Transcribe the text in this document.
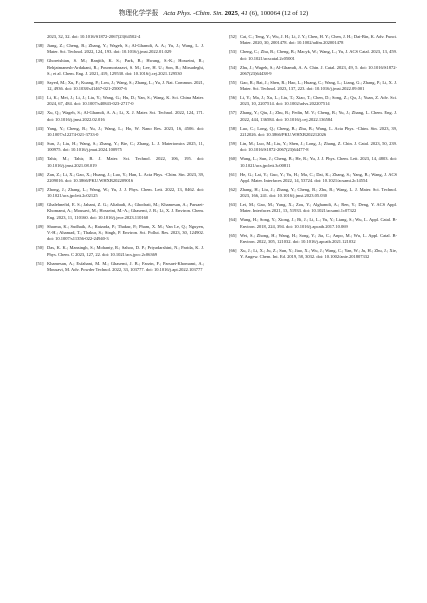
物理化学学报 Acta Phys. -Chim. Sin. 2025, 41 (6), 100064 (12 of 12)
2023, 32, 32. doi: 10.1016/S1872-2067(23)64502-4
[38] Jiang, Z.; Cheng, B.; Zhang, Y.; Wageh, S.; Al-Ghamdi, A. A.; Yu, J.; Wang, L. J. Mater. Sci. Technol. 2022, 124, 193. doi: 10.1016/j.jmst.2022.01.029
[39] Ghoreishian, S. M.; Ranjith, K. S.; Park, B.; Hwang, S.-K.; Hosseini, R.; Behjatmanesh-Ardakani, R.; Pourmortazavi, S. M.; Lee, H. U.; Son, B.; Mirsadeghi, S.; et al. Chem. Eng. J. 2021, 419, 129530. doi: 10.1016/j.cej.2021.129530
[40] Sayed, M.; Xu, F.; Kuang, P.; Low, J.; Wang, S.; Zhang, L.; Yu, J. Nat. Commun. 2021, 12, 4936. doi: 10.1038/s41467-021-25007-6
[41] Li, K.; Mei, J.; Li, J.; Liu, Y.; Wang, G.; Hu, D.; Yan, S.; Wang, K. Sci. China Mater. 2024, 67, 484. doi: 10.1007/s40843-023-2717-0
[42] Xu, Q.; Wageh, S.; Al-Ghamdi, A. A.; Li, X. J. Mater. Sci. Technol. 2022, 124, 171. doi: 10.1016/j.jmst.2022.02.016
[43] Yang, Y.; Cheng, B.; Yu, J.; Wang, L.; Ho, W. Nano Res. 2023, 16, 4506. doi: 10.1007/s12274-021-3733-0
[44] Sun, J.; Liu, H.; Wang, S.; Zhang, Y.; Bie, C.; Zhang, L. J. Materiomics 2025, 11, 100975. doi: 10.1016/j.jmat.2024.100975
[45] Tahir, M.; Tahir, B. J. Mater. Sci. Technol. 2022, 106, 195. doi: 10.1016/j.jmst.2021.08.019
[46] Zan, Z.; Li, X.; Gao, X.; Huang, J.; Luo, Y.; Han, L. Acta Phys. -Chim. Sin. 2023, 39, 2209016. doi: 10.3866/PKU.WHXB202209016
[47] Zhong, J.; Zhang, L.; Wang, W.; Yu, J. J. Phys. Chem. Lett. 2022, 13, 8462. doi: 10.1021/acs.jpclett.2c02125
[48] Ghalehnefid, E. S.; Jahani, Z. G.; Aliabadi, A.; Ghodrati, M.; Khamesan, A.; Parsaei-Khomami, A.; Mousavi, M.; Hosseini, M.-A.; Ghasemi, J. B.; Li, X. J. Environ. Chem. Eng. 2023, 11, 110160. doi: 10.1016/j.jece.2023.110160
[49] Sharma, K.; Sudhaik, A.; Raizada, P.; Thakur, P.; Pham, X. M.; Van Le, Q.; Nguyen, V.-H.; Ahamad, T.; Thakur, S.; Singh, P. Environ. Sci. Pollut. Res. 2023, 30, 124902. doi: 10.1007/s11356-022-24940-3
[50] Das, K. K.; Mansingh, S.; Mohanty, R.; Sahoo, D. P.; Priyadarshini, N.; Parida, K. J. Phys. Chem. C 2023, 127, 22. doi: 10.1021/acs.jpcc.2c06369
[51] Khamesan, A.; Esfahani, M. M.; Ghasemi, J. B.; Farzin, F.; Parsaei-Khomami, A.; Mousavi, M. Adv. Powder Technol. 2022, 33, 103777. doi: 10.1016/j.apt.2022.103777
[52] Cai, C.; Teng, Y.; Wu, J. H.; Li, J. Y.; Chen, H. Y.; Chen, J. H.; Dai-Bin, K. Adv. Funct. Mater. 2020, 30, 2001478. doi: 10.1002/adfm.202001478
[53] Cheng, C.; Zhu, B.; Cheng, B.; Macyk, W.; Wang, L.; Yu, J. ACS Catal. 2023, 13, 459. doi: 10.1021/acscatal.2c05001
[54] Zhu, J.; Wageh, S.; Al-Ghamdi, A. A. Chin. J. Catal. 2023, 49, 5. doi: 10.1016/S1872-2067(23)64438-9
[55] Gao, R.; Bai, J.; Shen, R.; Hao, L.; Huang, C.; Wang, L.; Liang, G.; Zhang, P.; Li, X. J. Mater. Sci. Technol. 2023, 137, 223. doi: 10.1016/j.jmst.2022.09.001
[56] Li, Y.; Ma, J.; Xu, L.; Liu, T.; Xiao, T.; Chen, D.; Song, Z.; Qu, J.; Yuan, Z. Adv. Sci. 2023, 10, 2207514. doi: 10.1002/advs.202207514
[57] Zhang, Y.; Qiu, J.; Zhu, B.; Fedin, M. V.; Cheng, B.; Yu, J.; Zhang, L. Chem. Eng. J. 2022, 444, 136584. doi: 10.1016/j.cej.2022.136584
[58] Luo, C.; Long, Q.; Cheng, B.; Zhu, B.; Wang, L. Acta Phys. -Chim. Sin. 2023, 39, 2212026. doi: 10.3866/PKU.WHXB202212026
[59] Lin, M.; Luo, M.; Liu, Y.; Shen, J.; Long, J.; Zhang, Z. Chin. J. Catal. 2023, 50, 239. doi: 10.1016/S1872-2067(23)64477-8
[60] Wang, L.; Sun, J.; Cheng, B.; He, R.; Yu, J. J. Phys. Chem. Lett. 2023, 14, 4803. doi: 10.1021/acs.jpclett.3c00811
[61] He, G.; Lai, Y.; Guo, Y.; Yu, H.; Ma, C.; Dai, K.; Zhang, S.; Yang, B.; Wang, J. ACS Appl. Mater. Interfaces 2022, 14, 53724. doi: 10.1021/acsami.2c14554
[62] Zhang, H.; Liu, J.; Zhang, Y.; Cheng, B.; Zhu, B.; Wang, L. J. Mater. Sci. Technol. 2023, 166, 241. doi: 10.1016/j.jmst.2023.05.030
[63] Lei, M.; Gao, M.; Yang, X.; Zou, Y.; Alghamdi, A.; Ren, Y.; Deng, Y. ACS Appl. Mater. Interfaces 2021, 13, 51933. doi: 10.1021/acsami.1c07322
[64] Wang, H.; Song, Y.; Xiong, J.; Bi, J.; Li, L.; Yu, Y.; Liang, S.; Wu, L. Appl. Catal. B-Environ. 2018, 224, 394. doi: 10.1016/j.apcatb.2017.10.069
[65] Wei, S.; Zhong, H.; Wang, H.; Song, Y.; Jia, C.; Anpo, M.; Wu, L. Appl. Catal. B-Environ. 2022, 305, 121032. doi: 10.1016/j.apcatb.2021.121032
[66] Xu, J.; Li, X.; Ju, Z.; Sun, Y.; Jiao, X.; Wu, J.; Wang, C.; Yan, W.; Ju, H.; Zhu, J.; Xie, Y. Angew. Chem. Int. Ed. 2019, 58, 3032. doi: 10.1002/anie.201807332
